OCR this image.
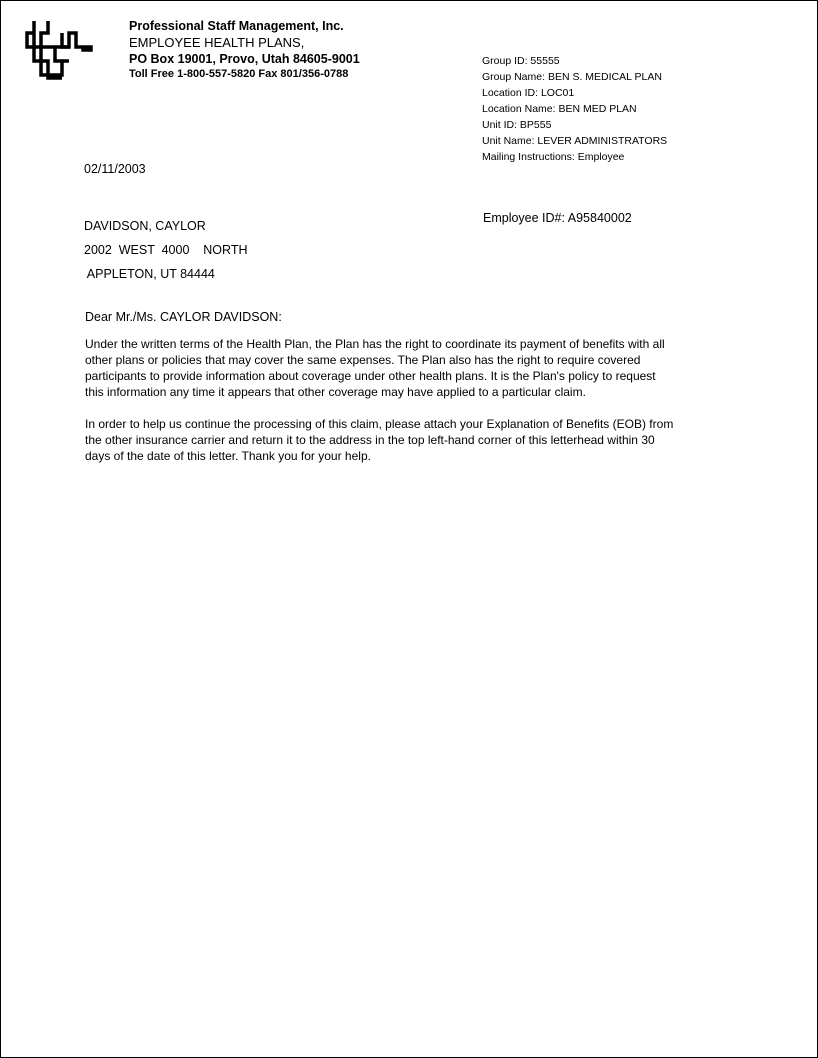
Professional Staff Management, Inc.
EMPLOYEE HEALTH PLANS,
PO Box 19001, Provo, Utah 84605-9001
Toll Free 1-800-557-5820 Fax 801/356-0788
Group ID: 55555
Group Name: BEN S. MEDICAL PLAN
Location ID: LOC01
Location Name: BEN MED PLAN
Unit ID: BP555
Unit Name: LEVER ADMINISTRATORS
Mailing Instructions: Employee
02/11/2003
Employee ID#: A95840002
DAVIDSON, CAYLOR
2002  WEST  4000    NORTH
APPLETON, UT 84444
Dear Mr./Ms. CAYLOR DAVIDSON:
Under the written terms of the Health Plan, the Plan has the right to coordinate its payment of benefits with all
other plans or policies that may cover the same expenses. The Plan also has the right to require covered
participants to provide information about coverage under other health plans. It is the Plan's policy to request
this information any time it appears that other coverage may have applied to a particular claim.
In order to help us continue the processing of this claim, please attach your Explanation of Benefits (EOB) from
the other insurance carrier and return it to the address in the top left-hand corner of this letterhead within 30
days of the date of this letter. Thank you for your help.
